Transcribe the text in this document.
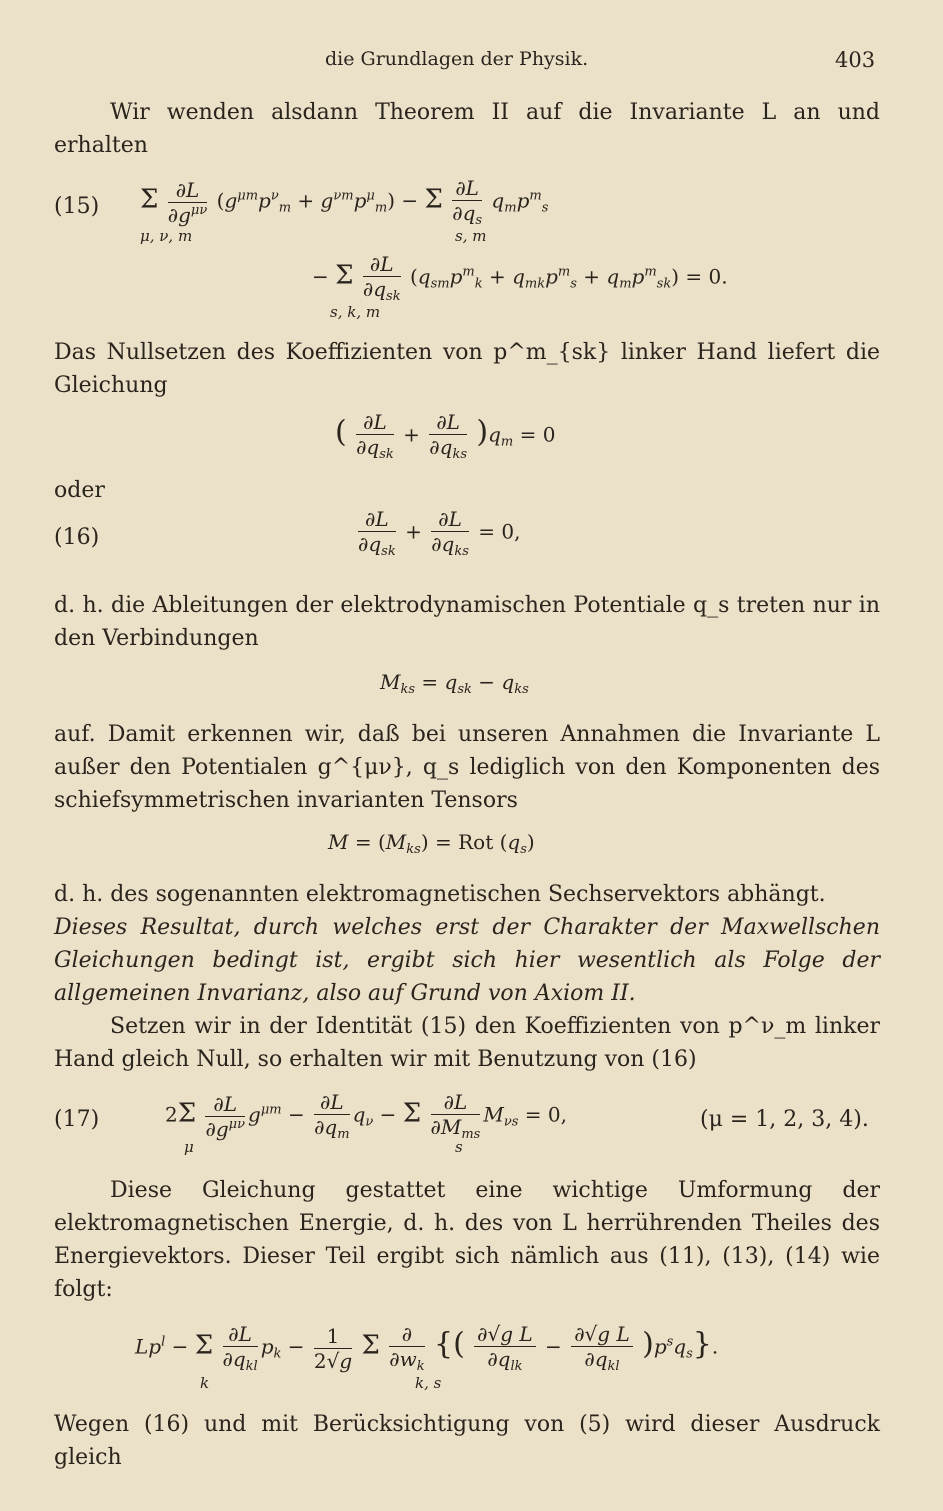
die Grundlagen der Physik.	403
Wir wenden alsdann Theorem II auf die Invariante L an und erhalten
(15) Σ $\frac{\partial L}{\partial g^{\mu\nu}} (g^{\mu m}p^\nu_m + g^{\nu m}p^\mu_m) - \Sigma \frac{\partial L}{\partial q_s} q_mp^m_s$
μ, ν, m	s, m
− Σ $\frac{\partial L}{\partial q_{sk}} (q_{sm}p^m_k + q_{mk}p^m_s + q_mp^m_{sk}) = 0$.
s, k, m
Das Nullsetzen des Koeffizienten von p^m_{sk} linker Hand liefert die Gleichung
( $\frac{\partial L}{\partial q_{sk}} + \frac{\partial L}{\partial q_{ks}} )q_m = 0$
oder
(16)	$\frac{\partial L}{\partial q_{sk}} + \frac{\partial L}{\partial q_{ks}} = 0$,
d. h. die Ableitungen der elektrodynamischen Potentiale q_s treten nur in den Verbindungen
$M_{ks} = q_{sk} - q_{ks}$
auf. Damit erkennen wir, daß bei unseren Annahmen die Invariante L außer den Potentialen g^{μν}, q_s lediglich von den Komponenten des schiefsymmetrischen invarianten Tensors
$M = (M_{ks})$ = Rot $(q_s)$
d. h. des sogenannten elektromagnetischen Sechservektors abhängt.
Dieses Resultat, durch welches erst der Charakter der Maxwellschen Gleichungen bedingt ist, ergibt sich hier wesentlich als Folge der allgemeinen Invarianz, also auf Grund von Axiom II.
Setzen wir in der Identität (15) den Koeffizienten von p^ν_m linker Hand gleich Null, so erhalten wir mit Benutzung von (16)
(17)	$2\Sigma \frac{\partial L}{\partial g^{\mu\nu}} g^{\mu m} - \frac{\partial L}{\partial q_m} q_\nu - \Sigma \frac{\partial L}{\partial M_{ms}} M_{\nu s} = 0$,
μ	s
(μ = 1, 2, 3, 4).
Diese Gleichung gestattet eine wichtige Umformung der elektromagnetischen Energie, d. h. des von L herrührenden Theiles des Energievektors. Dieser Teil ergibt sich nämlich aus (11), (13), (14) wie folgt:
$Lp^l - \Sigma \frac{\partial L}{\partial q_{kl}} p_k - \frac{1}{2√g}$ Σ $\frac{\partial}{\partial w_k}$ {( $\frac{\text{∂√g L}}{\partial q_{lk}} - \frac{\text{∂√g L}}{\partial q_{kl}} )p^sq_s$}.
k	k, s
Wegen (16) und mit Berücksichtigung von (5) wird dieser Ausdruck gleich
